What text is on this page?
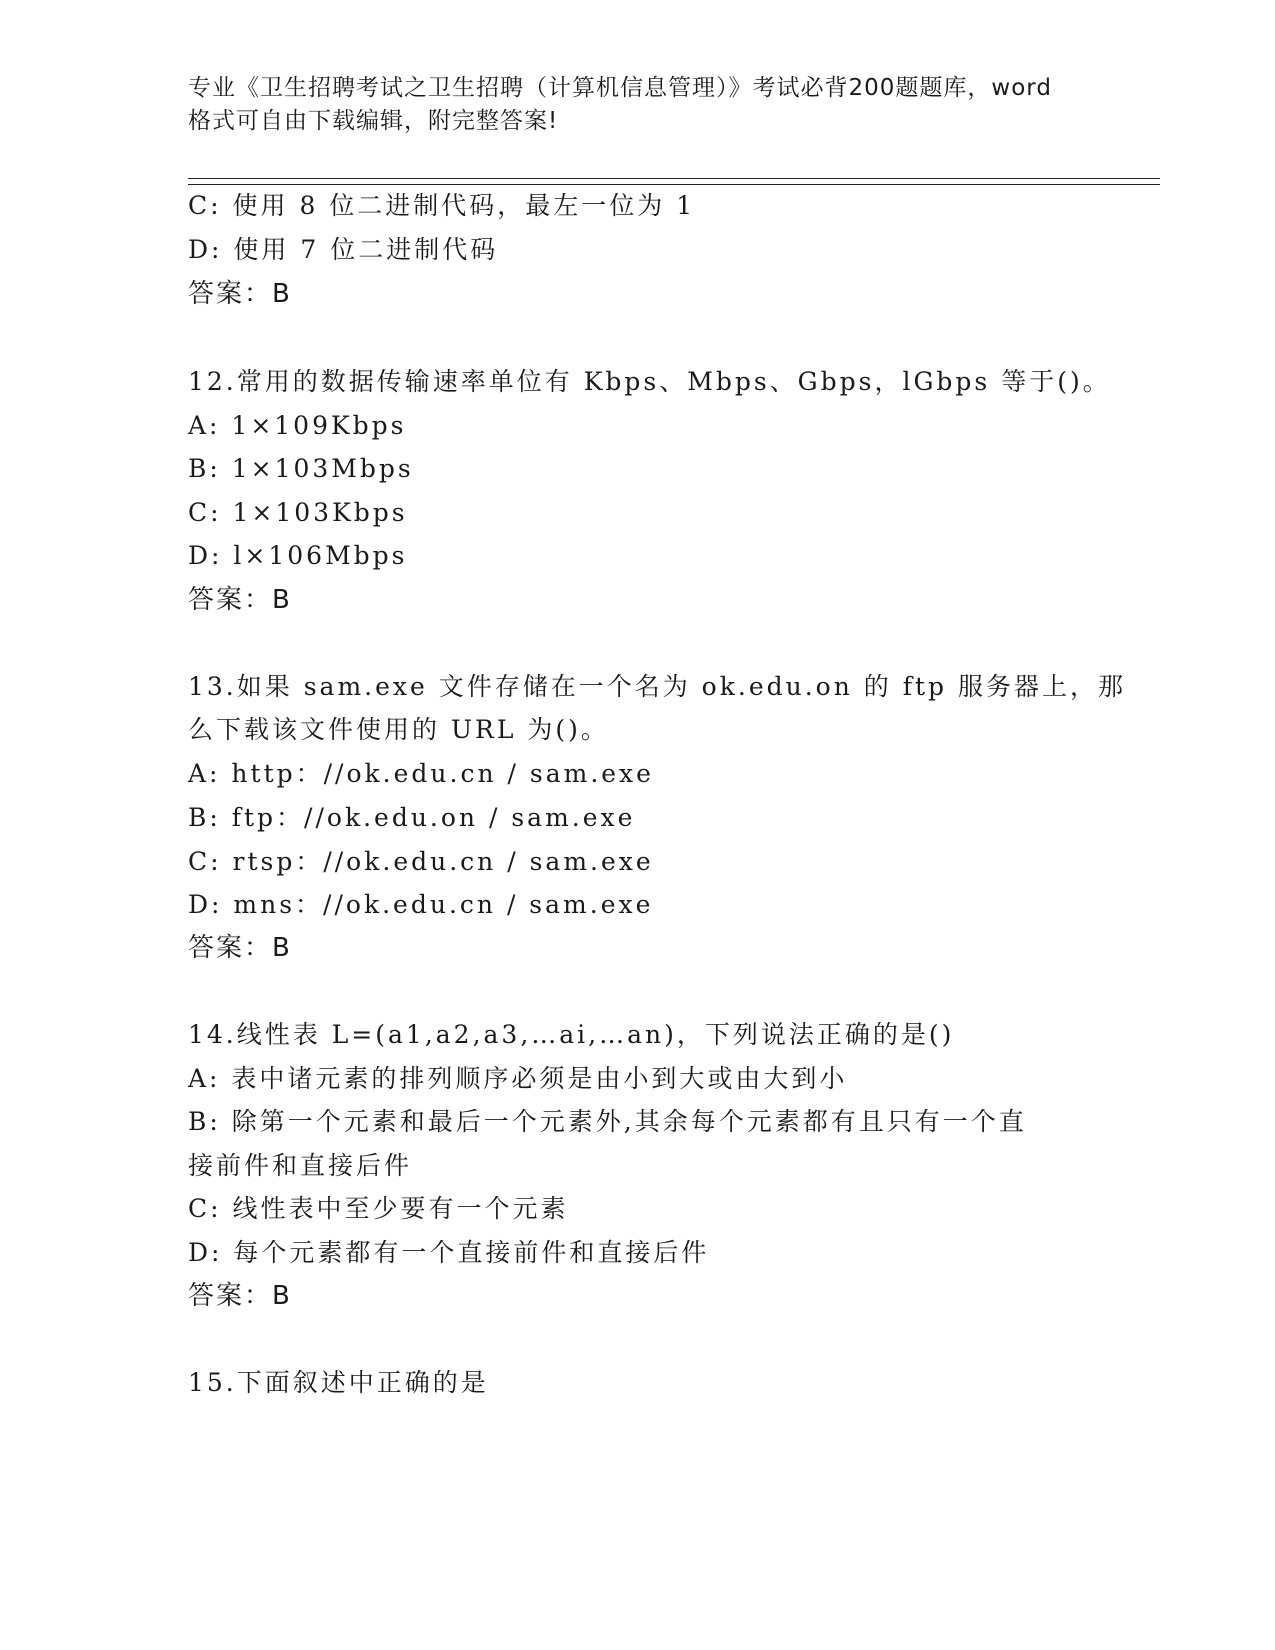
专业《卫生招聘考试之卫生招聘（计算机信息管理）》考试必背200题题库，word
格式可自由下载编辑，附完整答案!
C: 使用 8 位二进制代码，最左一位为 1
D: 使用 7 位二进制代码
答案：B
12.常用的数据传输速率单位有 Kbps、Mbps、Gbps，lGbps 等于()。
A: 1×109Kbps
B: 1×103Mbps
C: 1×103Kbps
D: l×106Mbps
答案：B
13.如果 sam.exe 文件存储在一个名为 ok.edu.on 的 ftp 服务器上，那
么下载该文件使用的 URL 为()。
A: http：//ok.edu.cn / sam.exe
B: ftp：//ok.edu.on / sam.exe
C: rtsp：//ok.edu.cn / sam.exe
D: mns：//ok.edu.cn / sam.exe
答案：B
14.线性表 L=(a1,a2,a3,…ai,…an)，下列说法正确的是()
A: 表中诸元素的排列顺序必须是由小到大或由大到小
B: 除第一个元素和最后一个元素外,其余每个元素都有且只有一个直
接前件和直接后件
C: 线性表中至少要有一个元素
D: 每个元素都有一个直接前件和直接后件
答案：B
15.下面叙述中正确的是
